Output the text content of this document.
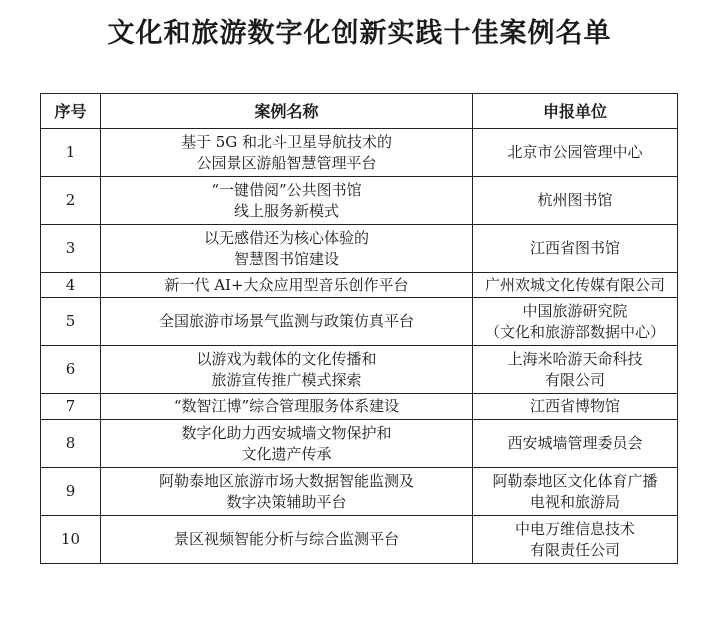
文化和旅游数字化创新实践十佳案例名单
序号	案例名称	申报单位
1	基于 5G 和北斗卫星导航技术的
公园景区游船智慧管理平台	北京市公园管理中心

2	“一键借阅”公共图书馆
线上服务新模式	杭州图书馆

3	以无感借还为核心体验的
智慧图书馆建设	江西省图书馆

4	新一代 AI+大众应用型音乐创作平台	广州欢城文化传媒有限公司

5	全国旅游市场景气监测与政策仿真平台	中国旅游研究院
（文化和旅游部数据中心）

6	以游戏为载体的文化传播和
旅游宣传推广模式探索	上海米哈游天命科技
有限公司

7	“数智江博”综合管理服务体系建设	江西省博物馆

8	数字化助力西安城墙文物保护和
文化遗产传承	西安城墙管理委员会

9	阿勒泰地区旅游市场大数据智能监测及
数字决策辅助平台	阿勒泰地区文化体育广播
电视和旅游局

10	景区视频智能分析与综合监测平台	中电万维信息技术
有限责任公司
